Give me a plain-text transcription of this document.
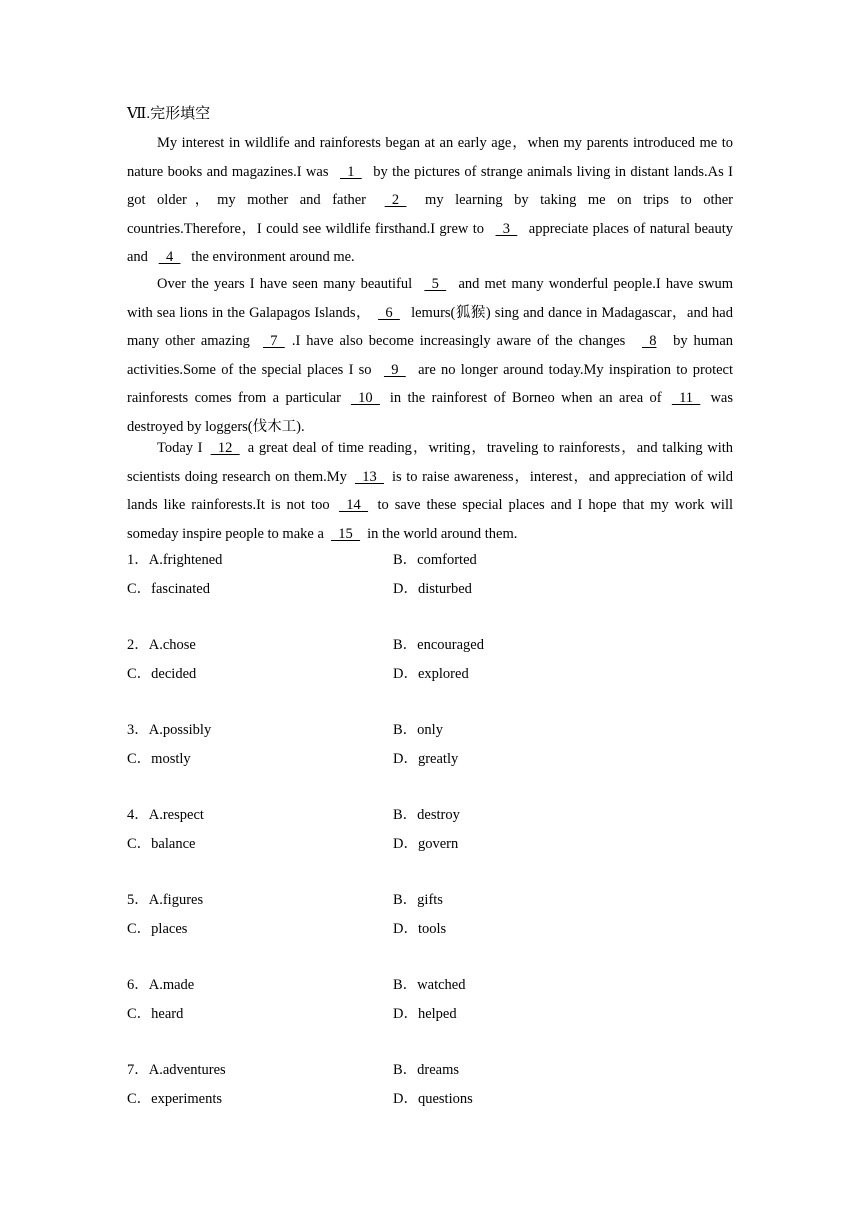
Ⅶ.完形填空

My interest in wildlife and rainforests began at an early age，when my parents introduced me to nature books and magazines.I was   1   by the pictures of strange animals living in distant lands.As I got older，my mother and father   2   my learning by taking me on trips to other countries.Therefore，I could see wildlife firsthand.I grew to   3   appreciate places of natural beauty and   4   the environment around me.

Over the years I have seen many beautiful   5   and met many wonderful people.I have swum with sea lions in the Galapagos Islands，  6   lemurs(狐猴) sing and dance in Madagascar，and had many other amazing   7  .I have also become increasingly aware of the changes   8 by human activities.Some of the special places I so   9   are no longer around today.My inspiration to protect rainforests comes from a particular   10   in the rainforest of Borneo when an area of   11   was destroyed by loggers(伐木工).

Today I   12   a great deal of time reading，writing，traveling to rainforests，and talking with scientists doing research on them.My   13   is to raise awareness，interest，and appreciation of wild lands like rainforests.It is not too   14   to save these special places and I hope that my work will someday inspire people to make a   15   in the world around them.

1．A.frightened	B．comforted
C．fascinated	D．disturbed
2．A.chose	B．encouraged
C．decided	D．explored
3．A.possibly	B．only
C．mostly	D．greatly
4．A.respect	B．destroy
C．balance	D．govern
5．A.figures	B．gifts
C．places	D．tools
6．A.made	B．watched
C．heard	D．helped
7．A.adventures	B．dreams
C．experiments	D．questions
